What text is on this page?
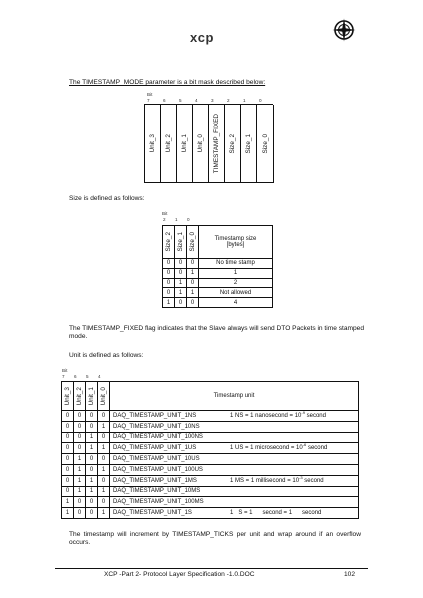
xcp
The TIMESTAMP_MODE parameter is a bit mask described below:
Bit
7	6	5	4	3	2	1	0
Unit_3 Unit_2 Unit_1 Unit_0 TIMESTAMP_FIXED Size_2 Size_1 Size_0
Size is defined as follows:
Bit
2 1 0
Size_2 Size_1 Size_0	Timestamp size
[bytes]
0	0	0	No time stamp
0	0	1	1
0	1	0	2
0	1	1	Not allowed
1	0	0	4
The TIMESTAMP_FIXED flag indicates that the Slave always will send DTO Packets in time stamped mode.
Unit is defined as follows:
Bit
7 6 5 4
Unit_3 Unit_2 Unit_1 Unit_0	Timestamp unit
0	0	0	0	DAQ_TIMESTAMP_UNIT_1NS	1 NS = 1 nanosecond = $10^{-9}$ second
0	0	0	1	DAQ_TIMESTAMP_UNIT_10NS
0	0	1	0	DAQ_TIMESTAMP_UNIT_100NS
0	0	1	1	DAQ_TIMESTAMP_UNIT_1US	1 US = 1 microsecond = $10^{-6}$ second
0	1	0	0	DAQ_TIMESTAMP_UNIT_10US
0	1	0	1	DAQ_TIMESTAMP_UNIT_100US
0	1	1	0	DAQ_TIMESTAMP_UNIT_1MS	1 MS = 1 millisecond = $10^{-3}$ second
0	1	1	1	DAQ_TIMESTAMP_UNIT_10MS
1	0	0	0	DAQ_TIMESTAMP_UNIT_100MS
1	0	0	1	DAQ_TIMESTAMP_UNIT_1S	1   S = 1      second = 1      second
The timestamp will increment by TIMESTAMP_TICKS per unit and wrap around if an overflow occurs.
XCP -Part 2- Protocol Layer Specification -1.0.DOC	102
